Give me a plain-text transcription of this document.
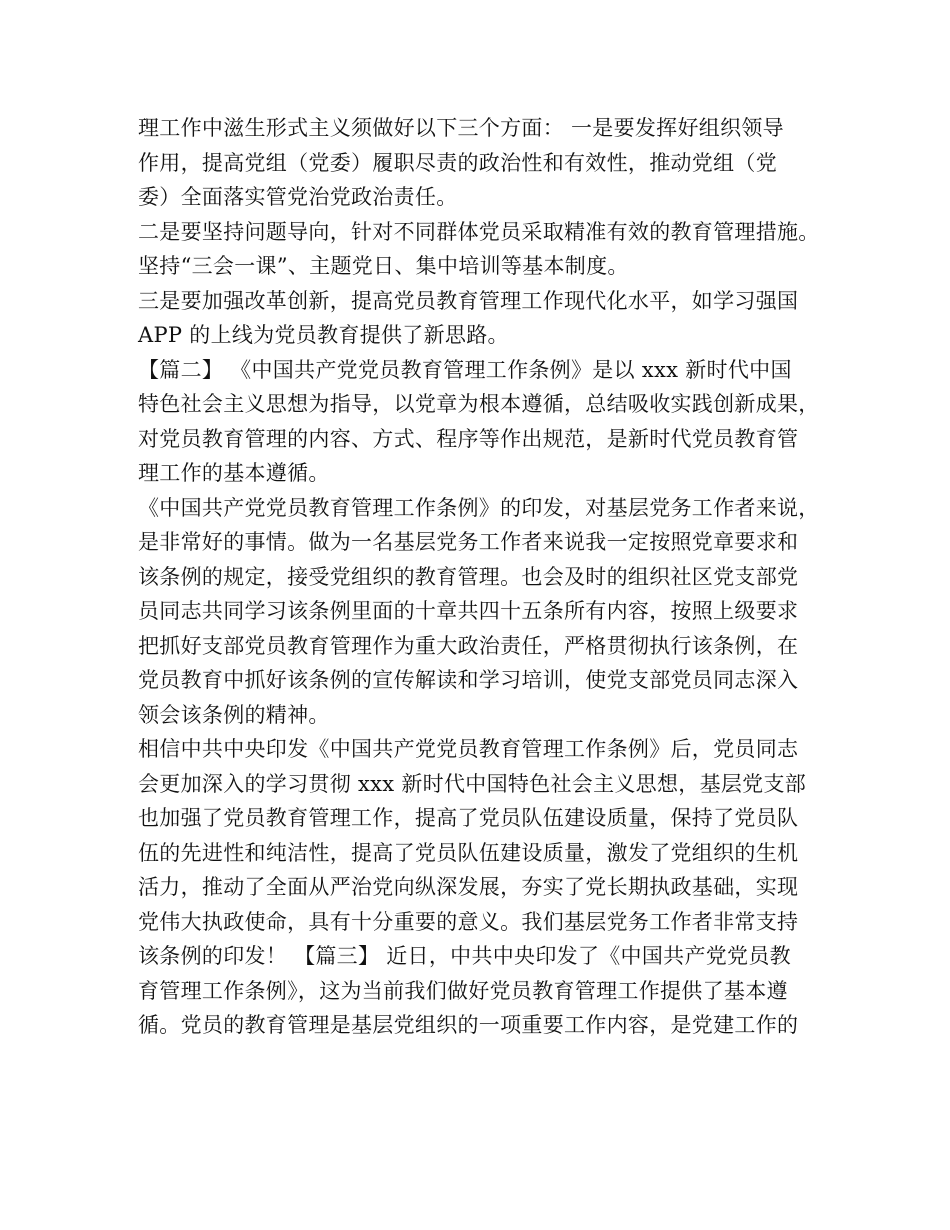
理工作中滋生形式主义须做好以下三个方面： 一是要发挥好组织领导
作用，提高党组（党委）履职尽责的政治性和有效性，推动党组（党
委）全面落实管党治党政治责任。
二是要坚持问题导向，针对不同群体党员采取精准有效的教育管理措施。
坚持“三会一课”、主题党日、集中培训等基本制度。
三是要加强改革创新，提高党员教育管理工作现代化水平，如学习强国
APP 的上线为党员教育提供了新思路。
【篇二】 《中国共产党党员教育管理工作条例》是以 xxx 新时代中国
特色社会主义思想为指导，以党章为根本遵循，总结吸收实践创新成果，
对党员教育管理的内容、方式、程序等作出规范，是新时代党员教育管
理工作的基本遵循。
《中国共产党党员教育管理工作条例》的印发，对基层党务工作者来说，
是非常好的事情。做为一名基层党务工作者来说我一定按照党章要求和
该条例的规定，接受党组织的教育管理。也会及时的组织社区党支部党
员同志共同学习该条例里面的十章共四十五条所有内容，按照上级要求
把抓好支部党员教育管理作为重大政治责任，严格贯彻执行该条例，在
党员教育中抓好该条例的宣传解读和学习培训，使党支部党员同志深入
领会该条例的精神。
相信中共中央印发《中国共产党党员教育管理工作条例》后，党员同志
会更加深入的学习贯彻 xxx 新时代中国特色社会主义思想，基层党支部
也加强了党员教育管理工作，提高了党员队伍建设质量，保持了党员队
伍的先进性和纯洁性，提高了党员队伍建设质量，激发了党组织的生机
活力，推动了全面从严治党向纵深发展，夯实了党长期执政基础，实现
党伟大执政使命，具有十分重要的意义。我们基层党务工作者非常支持
该条例的印发！ 【篇三】 近日，中共中央印发了《中国共产党党员教
育管理工作条例》，这为当前我们做好党员教育管理工作提供了基本遵
循。党员的教育管理是基层党组织的一项重要工作内容，是党建工作的
